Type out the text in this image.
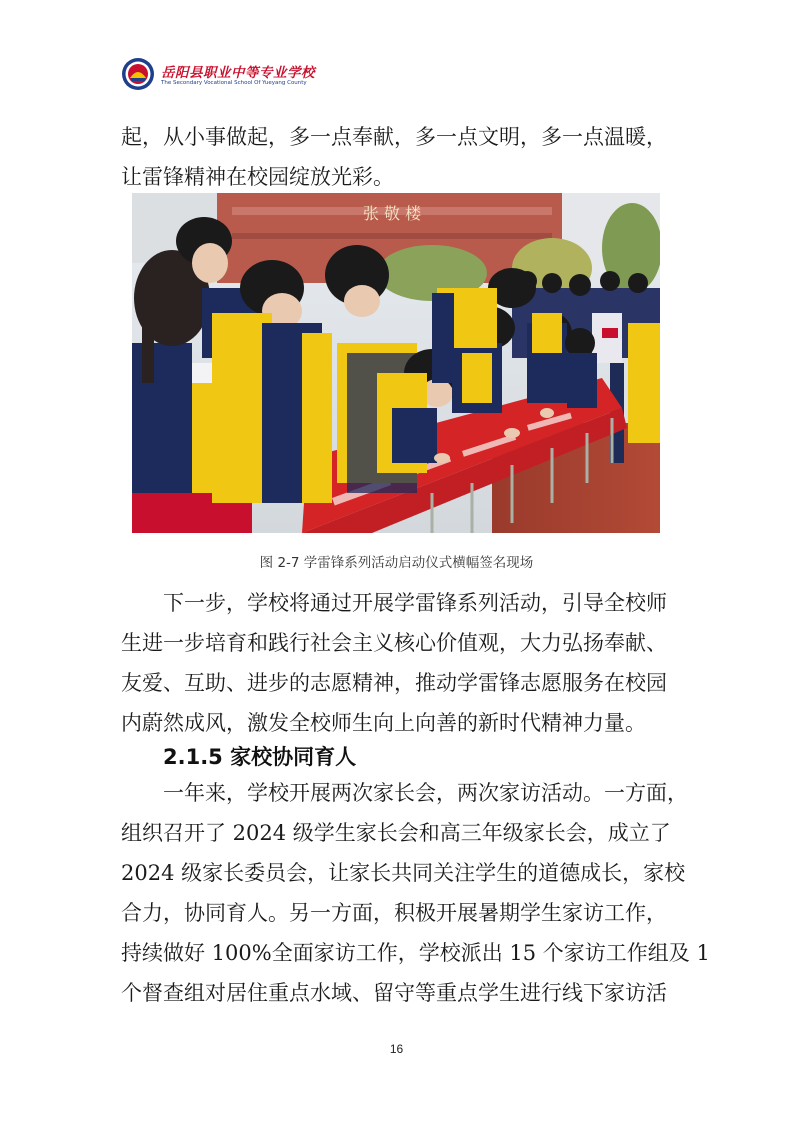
岳阳县职业中等专业学校
The Secondary Vocational School Of Yueyang County
起，从小事做起，多一点奉献，多一点文明，多一点温暖，
让雷锋精神在校园绽放光彩。
张 敬 楼
图 2-7 学雷锋系列活动启动仪式横幅签名现场
下一步，学校将通过开展学雷锋系列活动，引导全校师
生进一步培育和践行社会主义核心价值观，大力弘扬奉献、
友爱、互助、进步的志愿精神，推动学雷锋志愿服务在校园
内蔚然成风，激发全校师生向上向善的新时代精神力量。
2.1.5 家校协同育人
一年来，学校开展两次家长会，两次家访活动。一方面，
组织召开了 2024 级学生家长会和高三年级家长会，成立了
2024 级家长委员会，让家长共同关注学生的道德成长，家校
合力，协同育人。另一方面，积极开展暑期学生家访工作，
持续做好 100%全面家访工作，学校派出 15 个家访工作组及 1
个督查组对居住重点水域、留守等重点学生进行线下家访活
16
